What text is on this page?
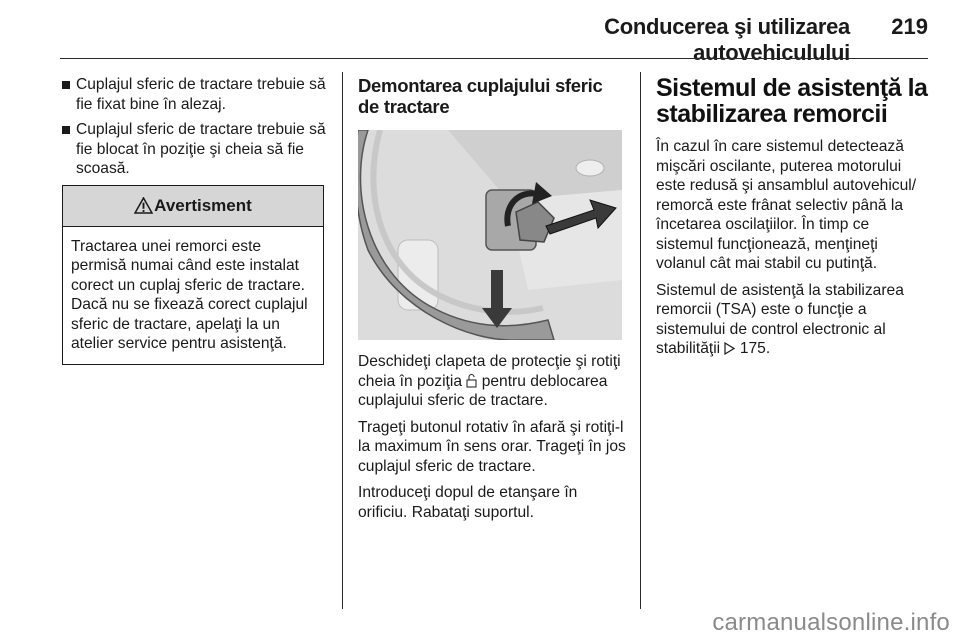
Conducerea şi utilizarea autovehiculului
219
Cuplajul sferic de tractare trebuie să fie fixat bine în alezaj.
Cuplajul sferic de tractare trebuie să fie blocat în poziţie şi cheia să fie scoasă.
Avertisment
Tractarea unei remorci este permisă numai când este instalat corect un cuplaj sferic de tractare. Dacă nu se fixează corect cuplajul sferic de tractare, apelaţi la un atelier service pentru asistenţă.
Demontarea cuplajului sferic de tractare

Deschideţi clapeta de protecţie şi rotiţi cheia în poziţia  pentru deblocarea cuplajului sferic de tractare.

Trageţi butonul rotativ în afară şi rotiţi-l la maximum în sens orar. Trageţi în jos cuplajul sferic de tractare.

Introduceţi dopul de etanşare în orificiu. Rabataţi suportul.

Sistemul de asistenţă la stabilizarea remorcii

În cazul în care sistemul detectează mişcări oscilante, puterea motorului este redusă şi ansamblul autovehicul/ remorcă este frânat selectiv până la încetarea oscilaţiilor. În timp ce sistemul funcţionează, menţineţi volanul cât mai stabil cu putinţă.

Sistemul de asistenţă la stabilizarea remorcii (TSA) este o funcţie a sistemului de control electronic al stabilităţii  175.

carmanualsonline.info
